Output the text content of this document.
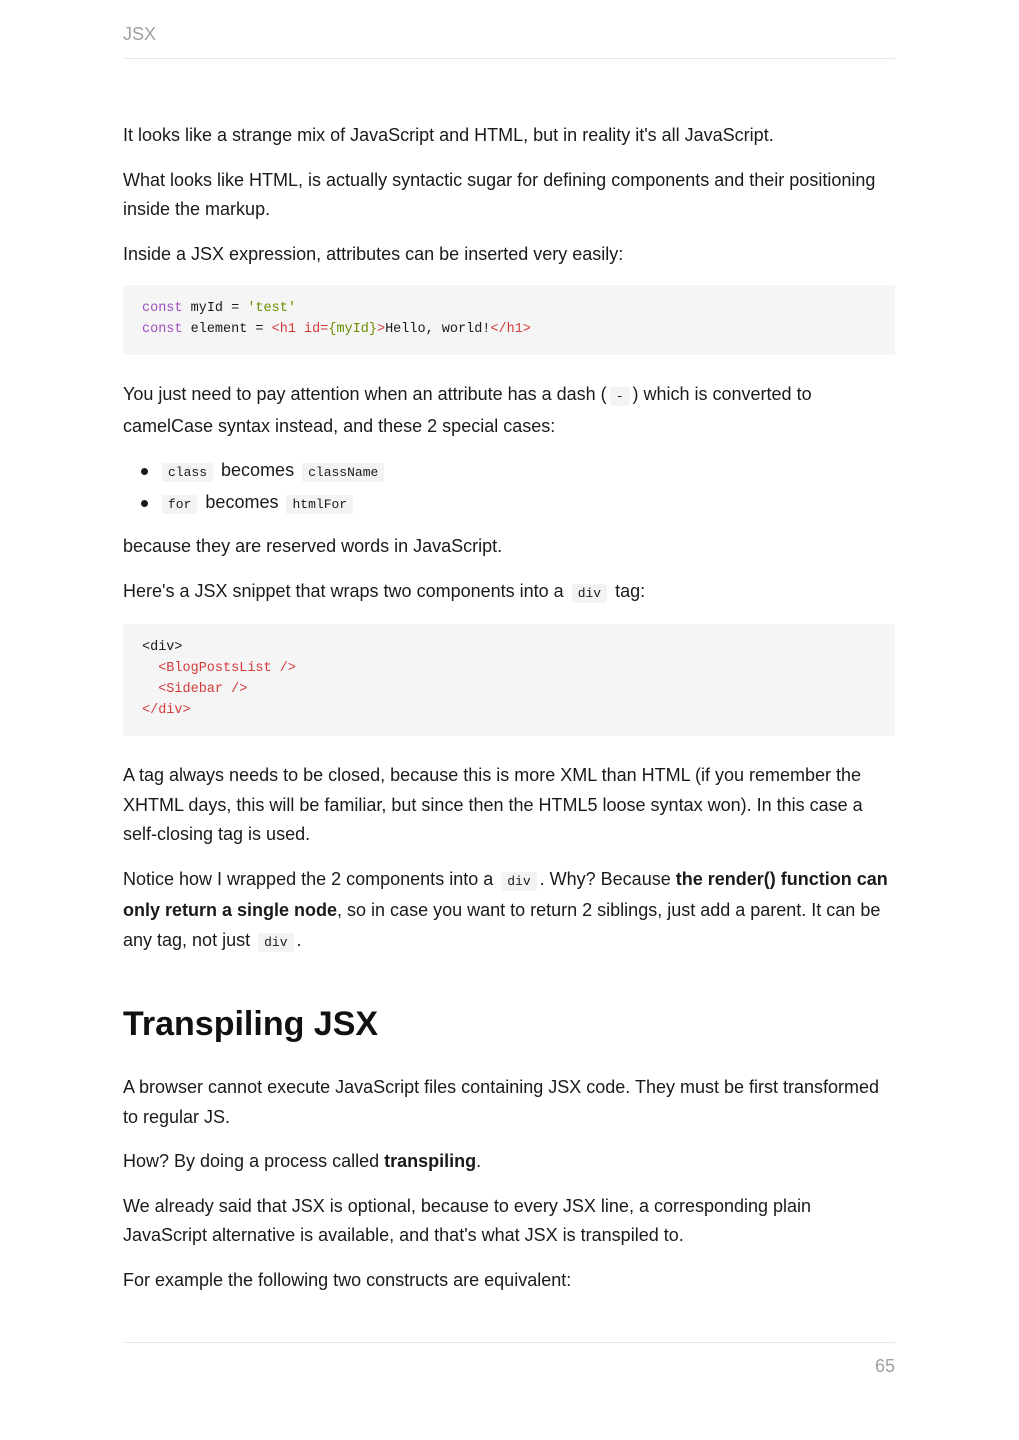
JSX

It looks like a strange mix of JavaScript and HTML, but in reality it's all JavaScript.

What looks like HTML, is actually syntactic sugar for defining components and their positioning inside the markup.

Inside a JSX expression, attributes can be inserted very easily:

const myId = 'test'
const element = <h1 id={myId}>Hello, world!</h1>

You just need to pay attention when an attribute has a dash ( - ) which is converted to camelCase syntax instead, and these 2 special cases:

class becomes className
for becomes htmlFor

because they are reserved words in JavaScript.

Here's a JSX snippet that wraps two components into a div tag:

<div>
<BlogPostsList />
<Sidebar />
</div>

A tag always needs to be closed, because this is more XML than HTML (if you remember the XHTML days, this will be familiar, but since then the HTML5 loose syntax won). In this case a self-closing tag is used.

Notice how I wrapped the 2 components into a div . Why? Because the render() function can only return a single node, so in case you want to return 2 siblings, just add a parent. It can be any tag, not just div .

Transpiling JSX

A browser cannot execute JavaScript files containing JSX code. They must be first transformed to regular JS.

How? By doing a process called transpiling.

We already said that JSX is optional, because to every JSX line, a corresponding plain JavaScript alternative is available, and that's what JSX is transpiled to.

For example the following two constructs are equivalent:

65
